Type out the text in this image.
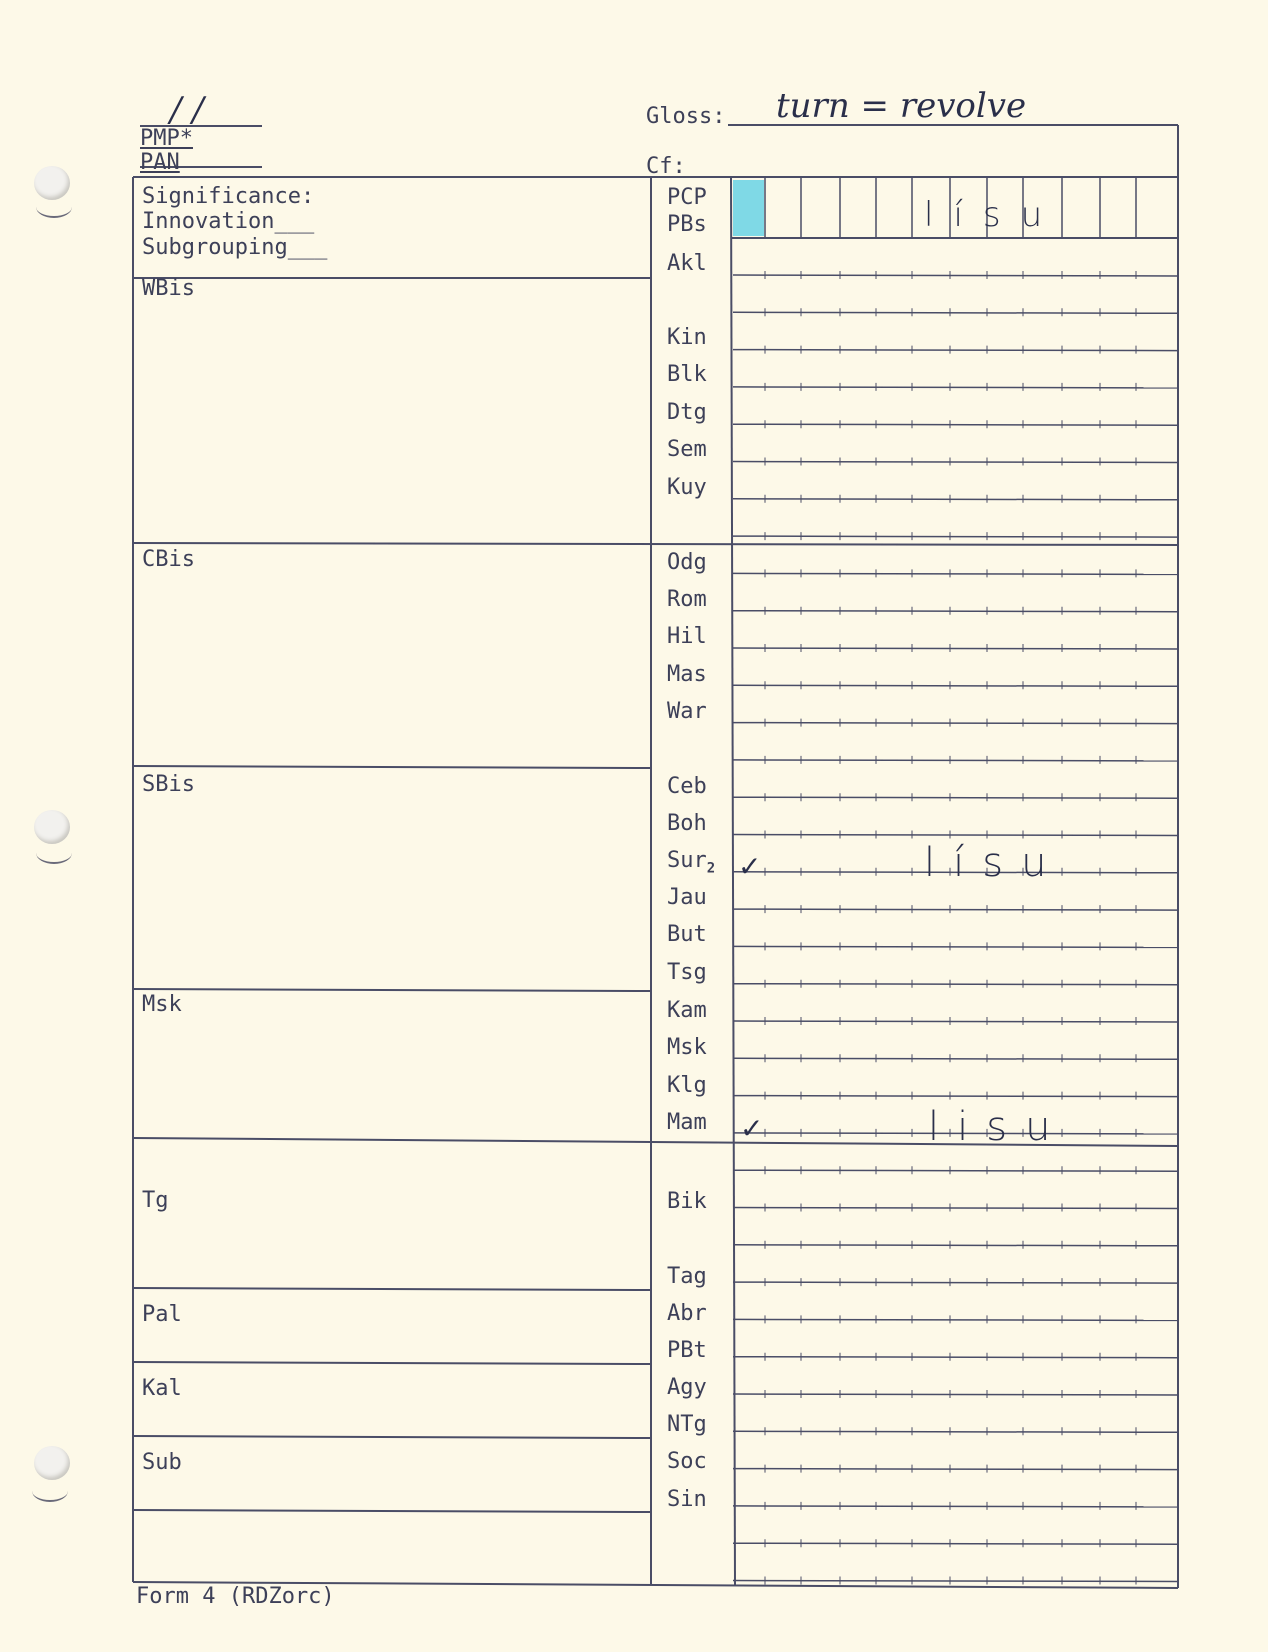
/ /
PMP*
PAN
Gloss: turn = revolve
Cf:
Significance:
Innovation___
Subgrouping___
WBis
CBis
SBis
Msk
Tg
Pal
Kal
Sub
PCP
PBs
Akl
Kin
Blk
Dtg
Sem
Kuy
Odg
Rom
Hil
Mas
War
Ceb
Boh
Sur$_2$
Jau
But
Tsg
Kam
Msk
Klg
Mam
Bik
Tag
Abr
PBt
Agy
NTg
Soc
Sin
lísu
✓	lísu
✓	lisu
Form 4 (RDZorc)
